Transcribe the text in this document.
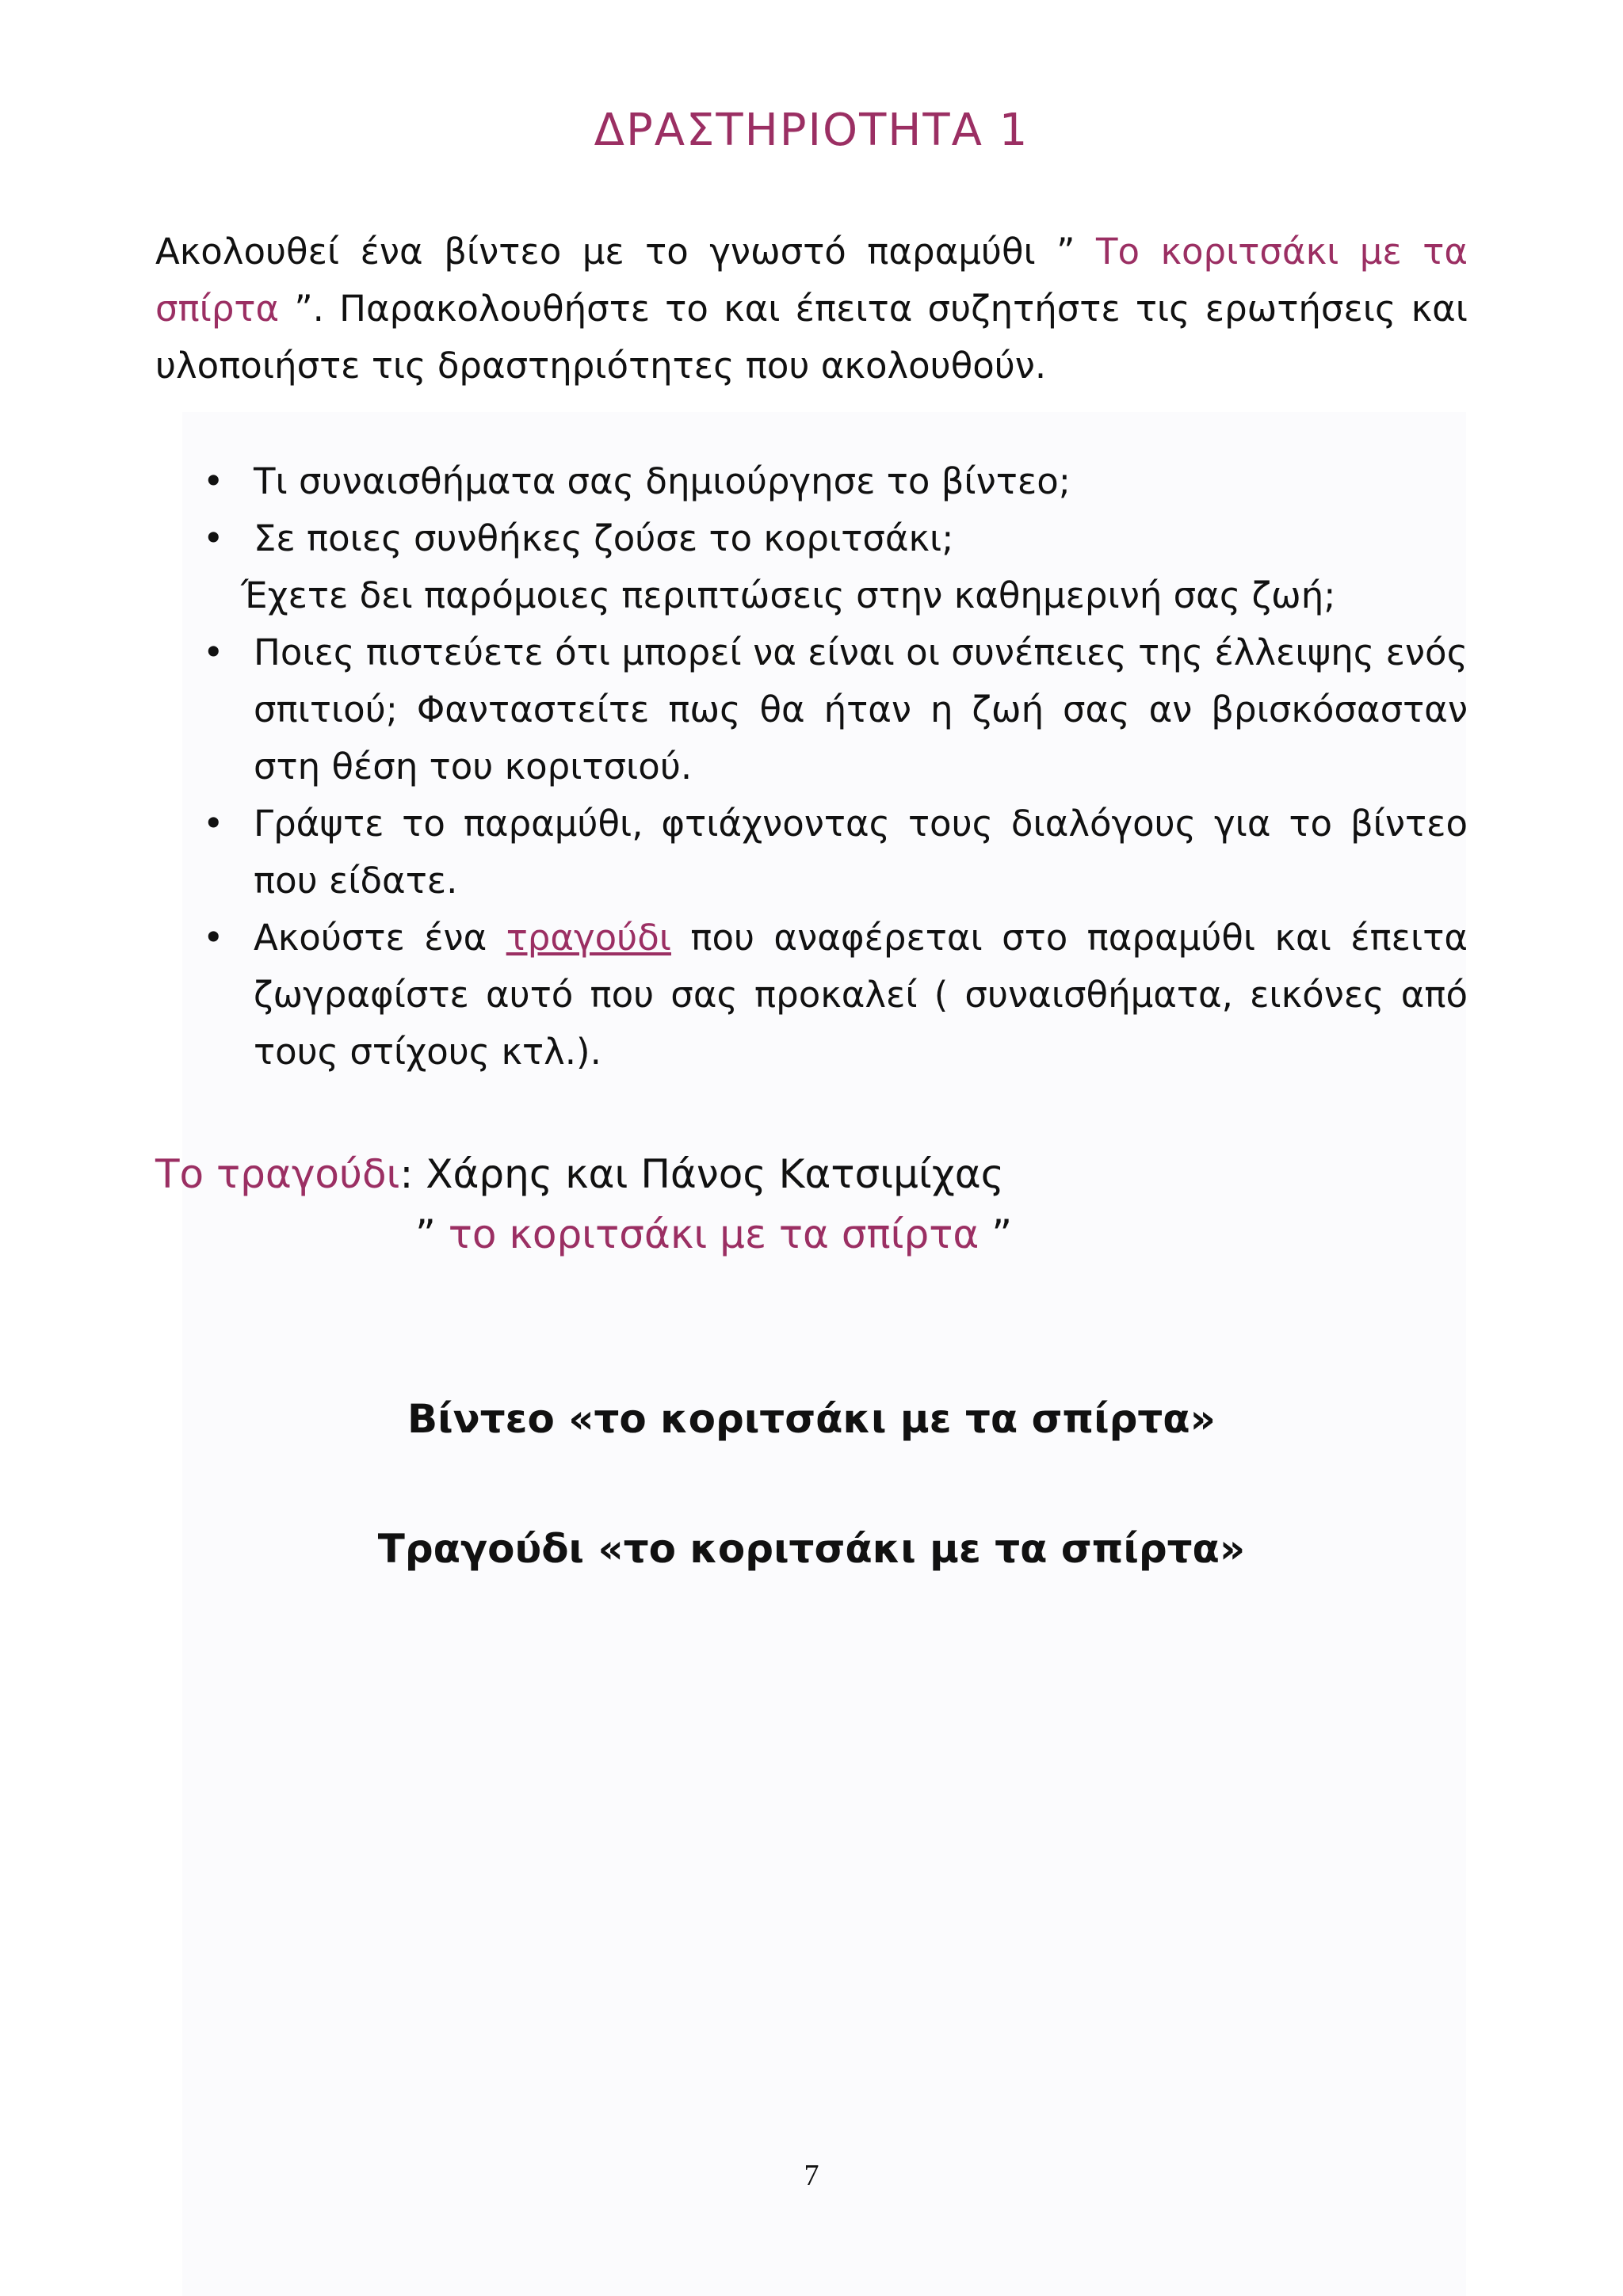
ΔΡΑΣΤΗΡΙΟΤΗΤΑ 1

Ακολουθεί ένα βίντεο με το γνωστό παραμύθι ” Το κοριτσάκι με τα σπίρτα ”. Παρακολουθήστε το και έπειτα συζητήστε τις ερωτήσεις και υλοποιήστε τις δραστηριότητες που ακολουθούν.

• Τι συναισθήματα σας δημιούργησε το βίντεο;
• Σε ποιες συνθήκες ζούσε το κοριτσάκι;
Έχετε δει παρόμοιες περιπτώσεις στην καθημερινή σας ζωή;
• Ποιες πιστεύετε ότι μπορεί να είναι οι συνέπειες της έλλειψης ενός σπιτιού; Φανταστείτε πως θα ήταν η ζωή σας αν βρισκόσασταν στη θέση του κοριτσιού.
• Γράψτε το παραμύθι, φτιάχνοντας τους διαλόγους για το βίντεο που είδατε.
• Ακούστε ένα τραγούδι που αναφέρεται στο παραμύθι και έπειτα ζωγραφίστε αυτό που σας προκαλεί ( συναισθήματα, εικόνες από τους στίχους κτλ.).

Το τραγούδι: Χάρης και Πάνος Κατσιμίχας

” το κοριτσάκι με τα σπίρτα ”

Βίντεο «το κοριτσάκι με τα σπίρτα»

Τραγούδι «το κοριτσάκι με τα σπίρτα»

7
